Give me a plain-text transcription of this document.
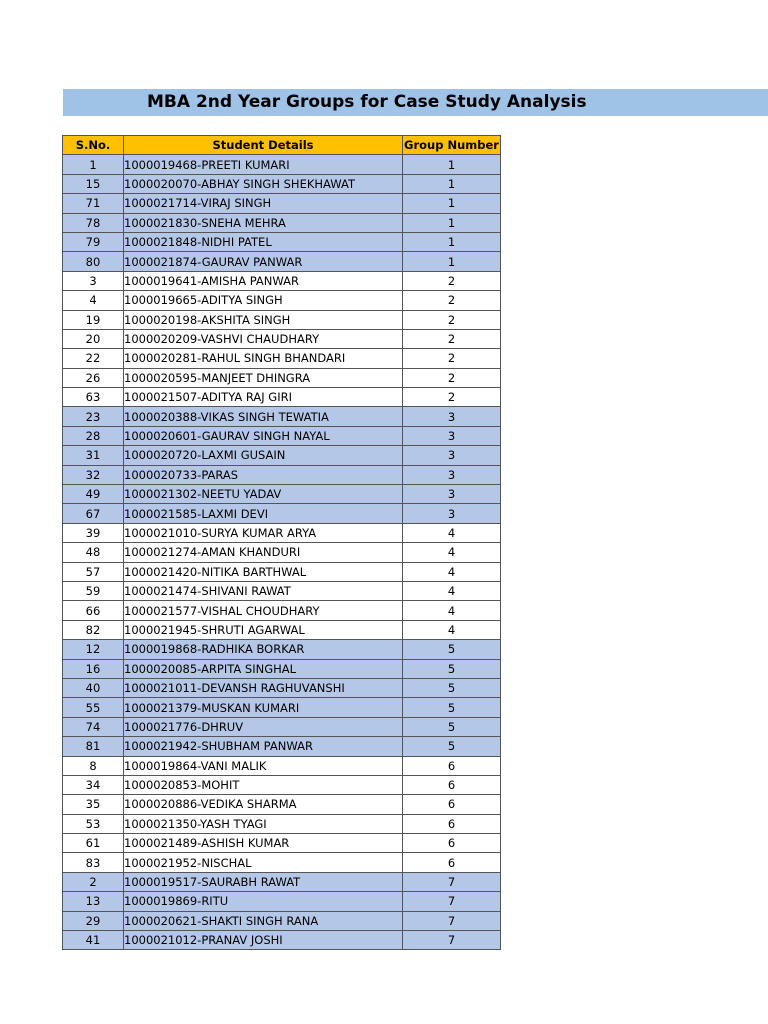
MBA 2nd Year Groups for Case Study Analysis
S.No.	Student Details	Group Number
1	1000019468-PREETI KUMARI	1
15	1000020070-ABHAY SINGH SHEKHAWAT	1
71	1000021714-VIRAJ SINGH	1
78	1000021830-SNEHA MEHRA	1
79	1000021848-NIDHI PATEL	1
80	1000021874-GAURAV PANWAR	1
3	1000019641-AMISHA PANWAR	2
4	1000019665-ADITYA SINGH	2
19	1000020198-AKSHITA SINGH	2
20	1000020209-VASHVI CHAUDHARY	2
22	1000020281-RAHUL SINGH BHANDARI	2
26	1000020595-MANJEET DHINGRA	2
63	1000021507-ADITYA RAJ GIRI	2
23	1000020388-VIKAS SINGH TEWATIA	3
28	1000020601-GAURAV SINGH NAYAL	3
31	1000020720-LAXMI GUSAIN	3
32	1000020733-PARAS	3
49	1000021302-NEETU YADAV	3
67	1000021585-LAXMI DEVI	3
39	1000021010-SURYA KUMAR ARYA	4
48	1000021274-AMAN KHANDURI	4
57	1000021420-NITIKA BARTHWAL	4
59	1000021474-SHIVANI RAWAT	4
66	1000021577-VISHAL CHOUDHARY	4
82	1000021945-SHRUTI AGARWAL	4
12	1000019868-RADHIKA BORKAR	5
16	1000020085-ARPITA SINGHAL	5
40	1000021011-DEVANSH RAGHUVANSHI	5
55	1000021379-MUSKAN KUMARI	5
74	1000021776-DHRUV	5
81	1000021942-SHUBHAM PANWAR	5
8	1000019864-VANI MALIK	6
34	1000020853-MOHIT	6
35	1000020886-VEDIKA SHARMA	6
53	1000021350-YASH TYAGI	6
61	1000021489-ASHISH KUMAR	6
83	1000021952-NISCHAL	6
2	1000019517-SAURABH RAWAT	7
13	1000019869-RITU	7
29	1000020621-SHAKTI SINGH RANA	7
41	1000021012-PRANAV JOSHI	7
